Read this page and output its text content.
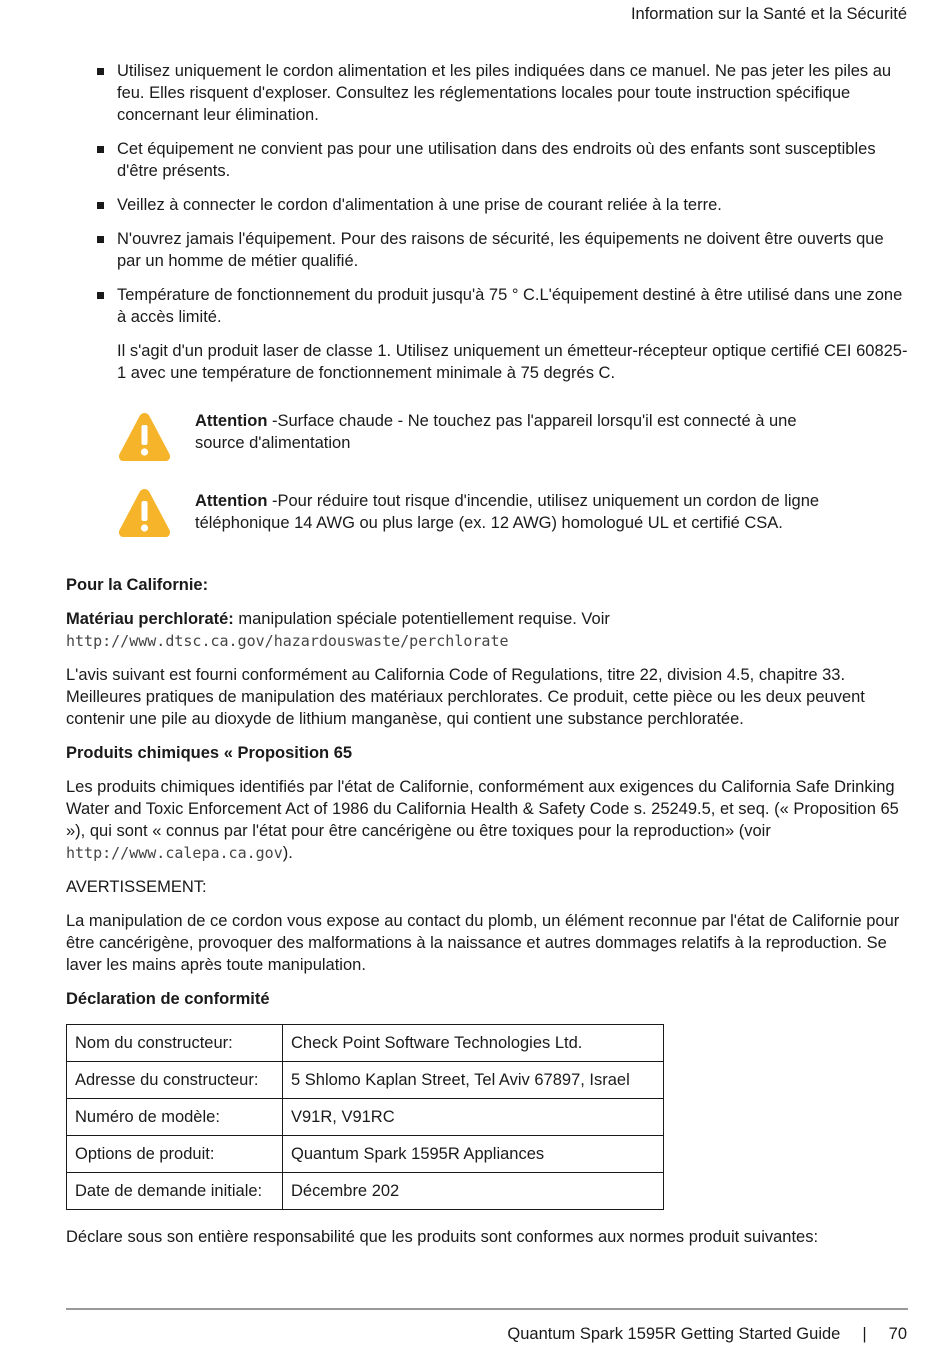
Information sur la Santé et la Sécurité
Utilisez uniquement le cordon alimentation et les piles indiquées dans ce manuel. Ne pas jeter les piles au feu. Elles risquent d'exploser. Consultez les réglementations locales pour toute instruction spécifique concernant leur élimination.
Cet équipement ne convient pas pour une utilisation dans des endroits où des enfants sont susceptibles d'être présents.
Veillez à connecter le cordon d'alimentation à une prise de courant reliée à la terre.
N'ouvrez jamais l'équipement. Pour des raisons de sécurité, les équipements ne doivent être ouverts que par un homme de métier qualifié.
Température de fonctionnement du produit jusqu'à 75 ° C.L'équipement destiné à être utilisé dans une zone à accès limité.

Il s'agit d'un produit laser de classe 1. Utilisez uniquement un émetteur-récepteur optique certifié CEI 60825-1 avec une température de fonctionnement minimale à 75 degrés C.

Attention -Surface chaude - Ne touchez pas l'appareil lorsqu'il est connecté à une source d'alimentation
Attention -Pour réduire tout risque d'incendie, utilisez uniquement un cordon de ligne téléphonique 14 AWG ou plus large (ex. 12 AWG) homologué UL et certifié CSA.
Pour la Californie:

Matériau perchloraté: manipulation spéciale potentiellement requise. Voir
http://www.dtsc.ca.gov/hazardouswaste/perchlorate

L'avis suivant est fourni conformément au California Code of Regulations, titre 22, division 4.5, chapitre 33. Meilleures pratiques de manipulation des matériaux perchlorates. Ce produit, cette pièce ou les deux peuvent contenir une pile au dioxyde de lithium manganèse, qui contient une substance perchloratée.

Produits chimiques « Proposition 65

Les produits chimiques identifiés par l'état de Californie, conformément aux exigences du California Safe Drinking Water and Toxic Enforcement Act of 1986 du California Health & Safety Code s. 25249.5, et seq. (« Proposition 65 »), qui sont « connus par l'état pour être cancérigène ou être toxiques pour la reproduction» (voir http://www.calepa.ca.gov).

AVERTISSEMENT:

La manipulation de ce cordon vous expose au contact du plomb, un élément reconnue par l'état de Californie pour être cancérigène, provoquer des malformations à la naissance et autres dommages relatifs à la reproduction. Se laver les mains après toute manipulation.

Déclaration de conformité
Nom du constructeur:	Check Point Software Technologies Ltd.
Adresse du constructeur:	5 Shlomo Kaplan Street, Tel Aviv 67897, Israel
Numéro de modèle:	V91R, V91RC
Options de produit:	Quantum Spark 1595R Appliances
Date de demande initiale:	Décembre 202

Déclare sous son entière responsabilité que les produits sont conformes aux normes produit suivantes:

Quantum Spark 1595R Getting Started Guide | 70
